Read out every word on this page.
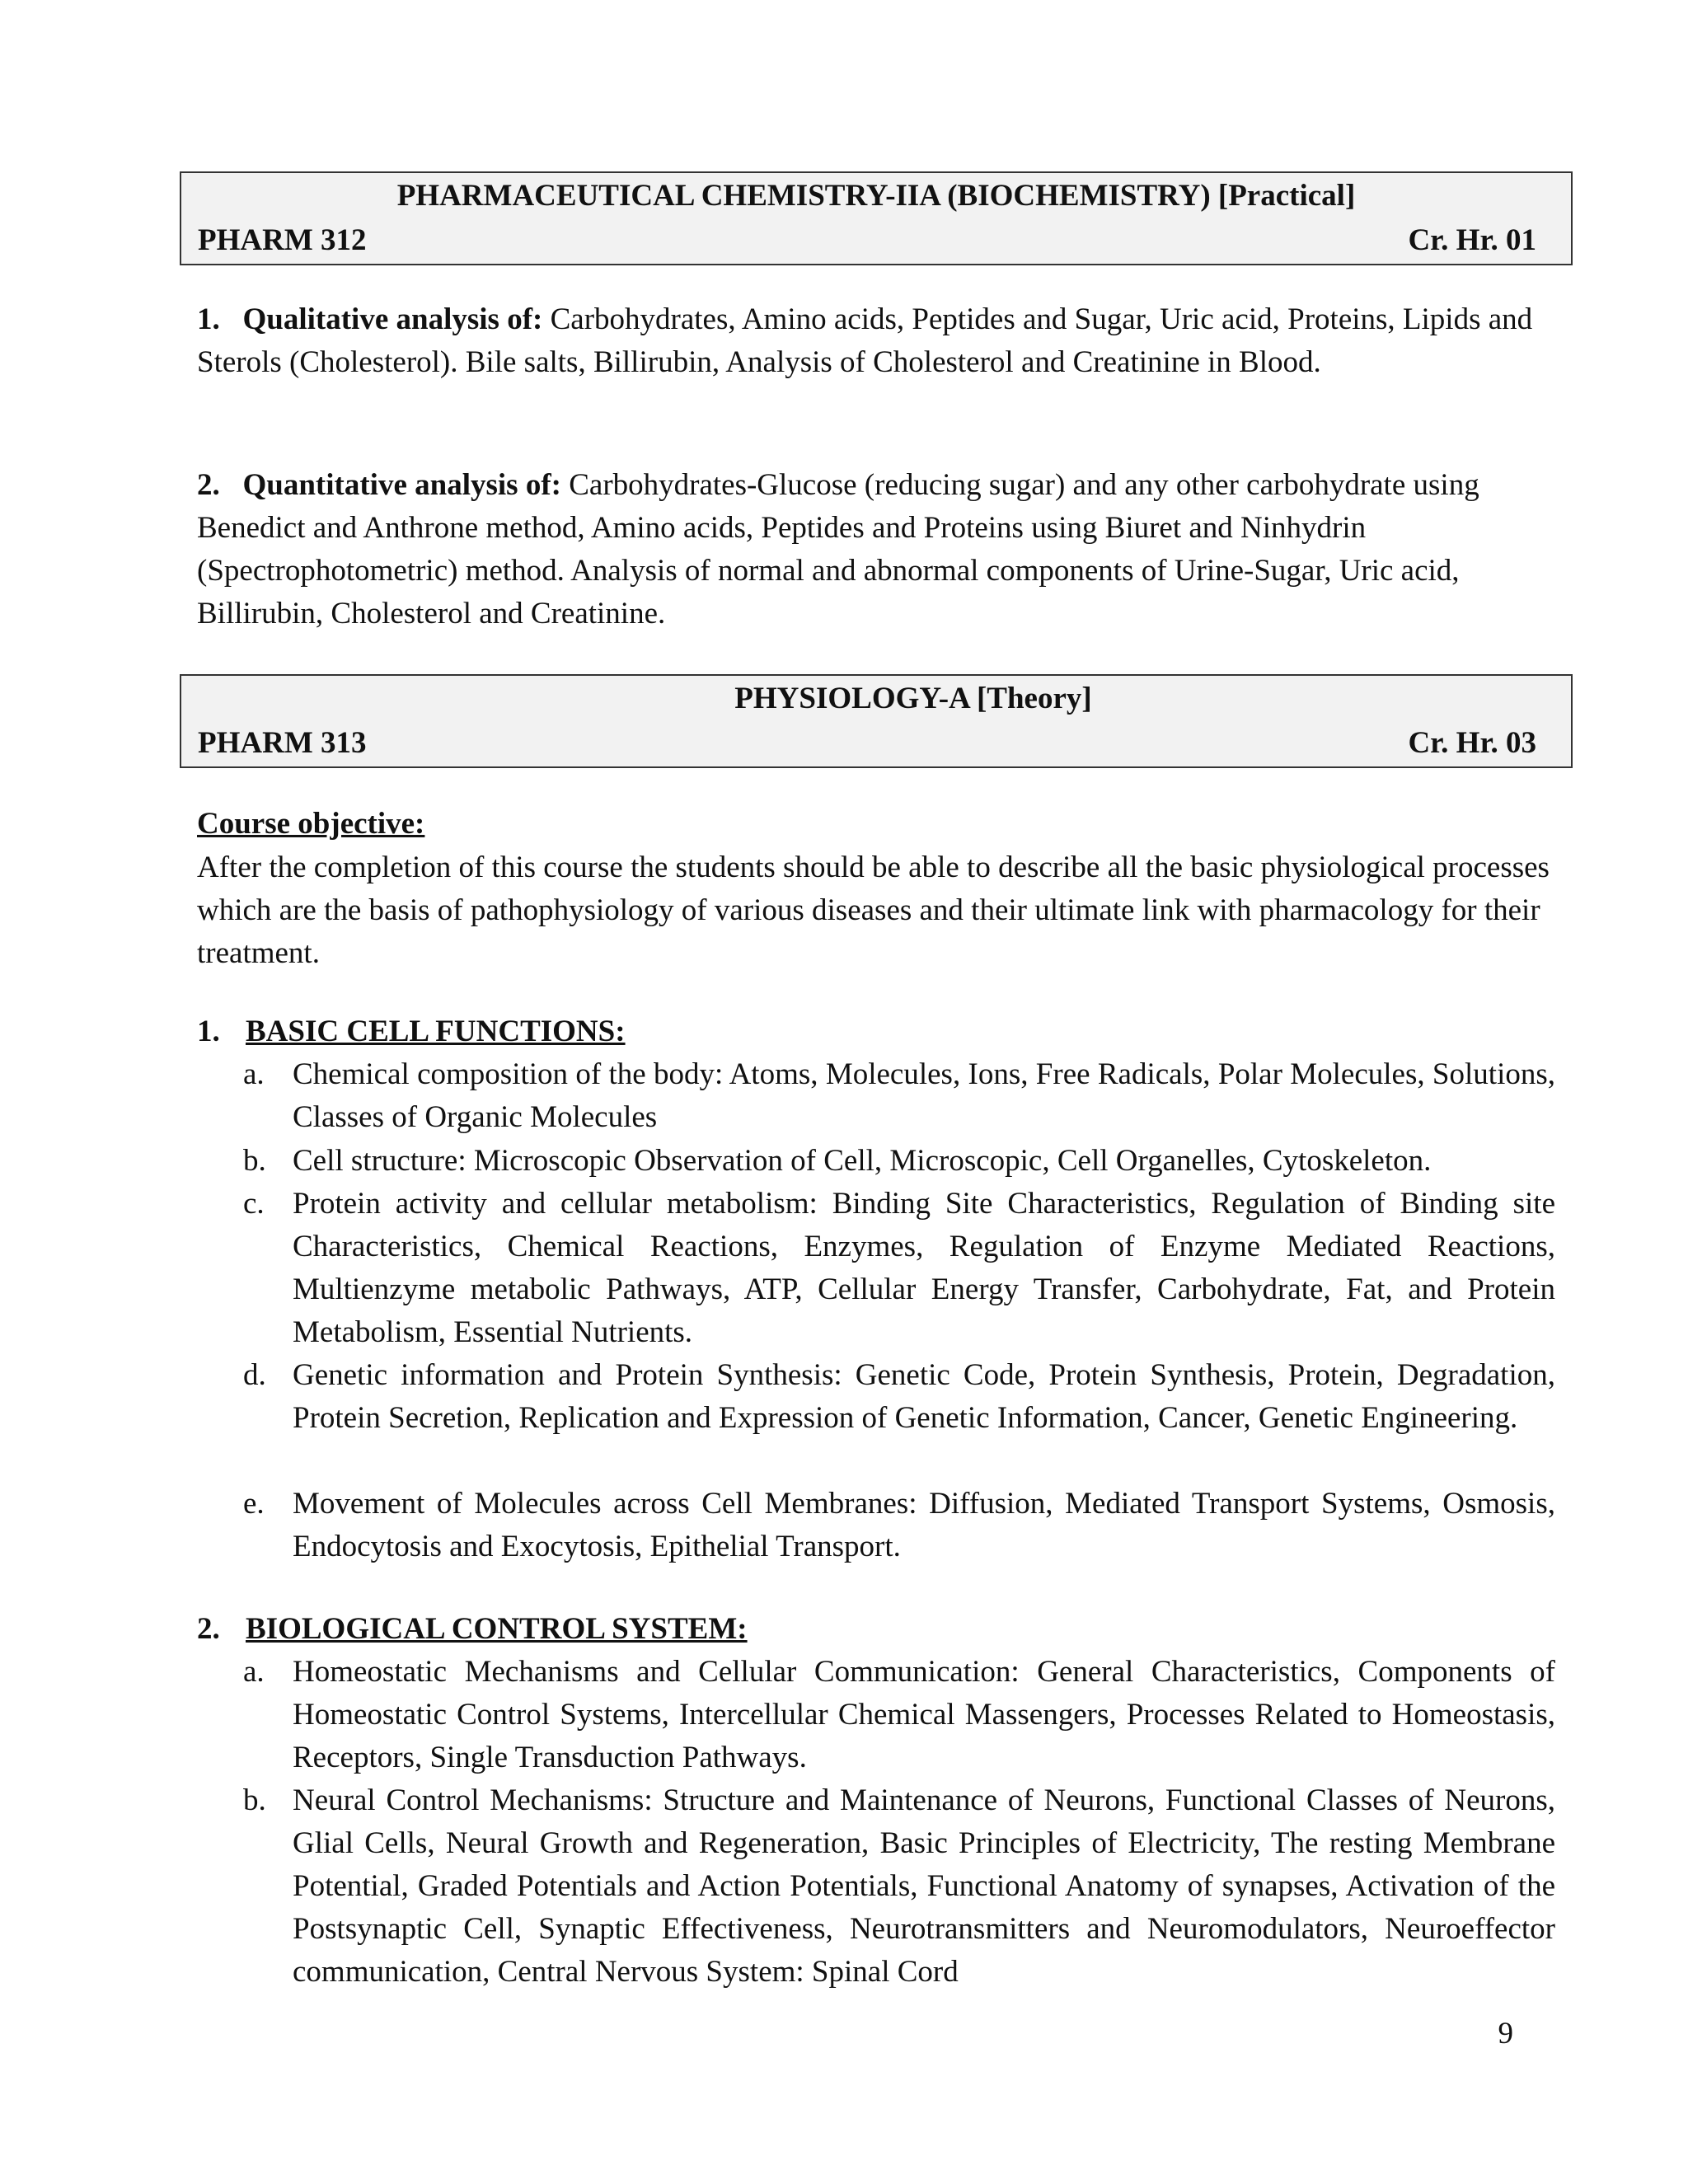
PHARMACEUTICAL CHEMISTRY-IIA (BIOCHEMISTRY) [Practical]
PHARM 312	Cr. Hr. 01

1.   Qualitative analysis of: Carbohydrates, Amino acids, Peptides and Sugar, Uric acid, Proteins, Lipids and Sterols (Cholesterol). Bile salts, Billirubin, Analysis of Cholesterol and Creatinine in Blood.

2.   Quantitative analysis of: Carbohydrates-Glucose (reducing sugar) and any other carbohydrate using Benedict and Anthrone method, Amino acids, Peptides and Proteins using Biuret and Ninhydrin (Spectrophotometric) method. Analysis of normal and abnormal components of Urine-Sugar, Uric acid, Billirubin, Cholesterol and Creatinine.

PHYSIOLOGY-A [Theory]
PHARM 313	Cr. Hr. 03
Course objective:

After the completion of this course the students should be able to describe all the basic physiological processes which are the basis of pathophysiology of various diseases and their ultimate link with pharmacology for their treatment.

1. BASIC CELL FUNCTIONS:
a. Chemical composition of the body: Atoms, Molecules, Ions, Free Radicals, Polar Molecules, Solutions, Classes of Organic Molecules
b. Cell structure: Microscopic Observation of Cell, Microscopic, Cell Organelles, Cytoskeleton.
c. Protein activity and cellular metabolism: Binding Site Characteristics, Regulation of Binding site Characteristics, Chemical Reactions, Enzymes, Regulation of Enzyme Mediated Reactions, Multienzyme metabolic Pathways, ATP, Cellular Energy Transfer, Carbohydrate, Fat, and Protein Metabolism, Essential Nutrients.
d. Genetic information and Protein Synthesis: Genetic Code, Protein Synthesis, Protein, Degradation, Protein Secretion, Replication and Expression of Genetic Information, Cancer, Genetic Engineering.
e. Movement of Molecules across Cell Membranes: Diffusion, Mediated Transport Systems, Osmosis, Endocytosis and Exocytosis, Epithelial Transport.
2. BIOLOGICAL CONTROL SYSTEM:
a. Homeostatic Mechanisms and Cellular Communication: General Characteristics, Components of Homeostatic Control Systems, Intercellular Chemical Massengers, Processes Related to Homeostasis, Receptors, Single Transduction Pathways.
b. Neural Control Mechanisms: Structure and Maintenance of Neurons, Functional Classes of Neurons, Glial Cells, Neural Growth and Regeneration, Basic Principles of Electricity, The resting Membrane Potential, Graded Potentials and Action Potentials, Functional Anatomy of synapses, Activation of the Postsynaptic Cell, Synaptic Effectiveness, Neurotransmitters and Neuromodulators, Neuroeffector communication, Central Nervous System: Spinal Cord
9
